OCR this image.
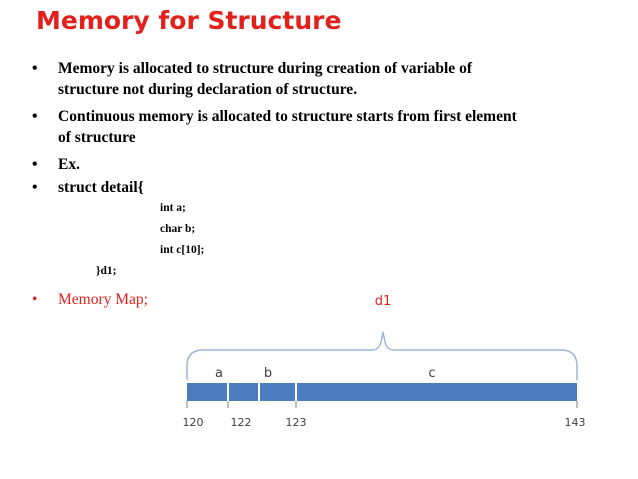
Memory for Structure
• Memory is allocated to structure during creation of variable of
structure not during declaration of structure.
• Continuous memory is allocated to structure starts from first element
of structure
• Ex.
• struct detail{
int a;
char b;
int c[10];
}d1;
• Memory Map;	d1
a	b	c
120 122	123	143
